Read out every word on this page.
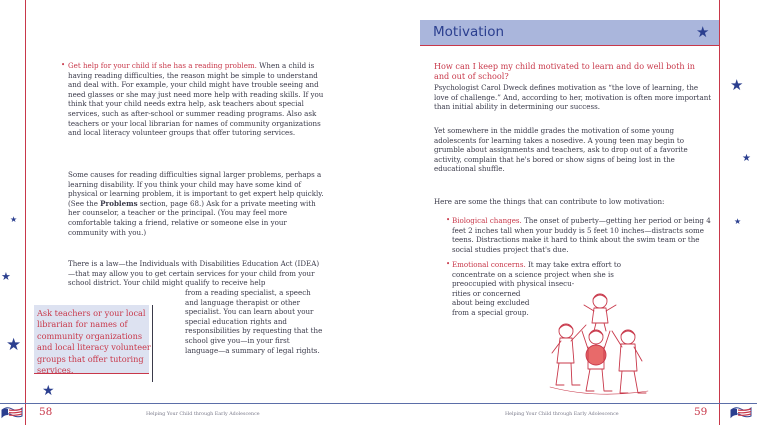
★
★
★
★
• Get help for your child if she has a reading problem. When a child is having reading difficulties, the reason might be simple to understand and deal with. For example, your child might have trouble seeing and need glasses or she may just need more help with reading skills. If you think that your child needs extra help, ask teachers about special services, such as after-school or summer reading programs. Also ask teachers or your local librarian for names of community organizations and local literacy volunteer groups that offer tutoring services.

Some causes for reading difficulties signal larger problems, perhaps a learning disability. If you think your child may have some kind of physical or learning problem, it is important to get expert help quickly. (See the Problems section, page 68.) Ask for a private meeting with her counselor, a teacher or the principal. (You may feel more comfortable taking a friend, relative or someone else in your community with you.)

There is a law—the Individuals with Disabilities Education Act (IDEA)—that may allow you to get certain services for your child from your school district. Your child might qualify to receive help

from a reading specialist, a speech and language therapist or other specialist. You can learn about your special education rights and responsibilities by requesting that the school give you—in your first language—a summary of legal rights.

Ask teachers or your local librarian for names of community organizations and local literacy volunteer groups that offer tutoring services.

58	Helping Your Child through Early Adolescence
Motivation	★
★
★
★

How can I keep my child motivated to learn and do well both in and out of school?

Psychologist Carol Dweck defines motivation as “the love of learning, the love of challenge.” And, according to her, motivation is often more important than initial ability in determining our success.

Yet somewhere in the middle grades the motivation of some young adolescents for learning takes a nosedive. A young teen may begin to grumble about assignments and teachers, ask to drop out of a favorite activity, complain that he's bored or show signs of being lost in the educational shuffle.

Here are some the things that can contribute to low motivation:

• Biological changes. The onset of puberty—getting her period or being 4 feet 2 inches tall when your buddy is 5 feet 10 inches—distracts some teens. Distractions make it hard to think about the swim team or the social studies project that's due.

• Emotional concerns. It may take extra effort to
concentrate on a science project when she is
preoccupied with physical insecu-
rities or concerned
about being excluded
from a special group.
Helping Your Child through Early Adolescence	59
